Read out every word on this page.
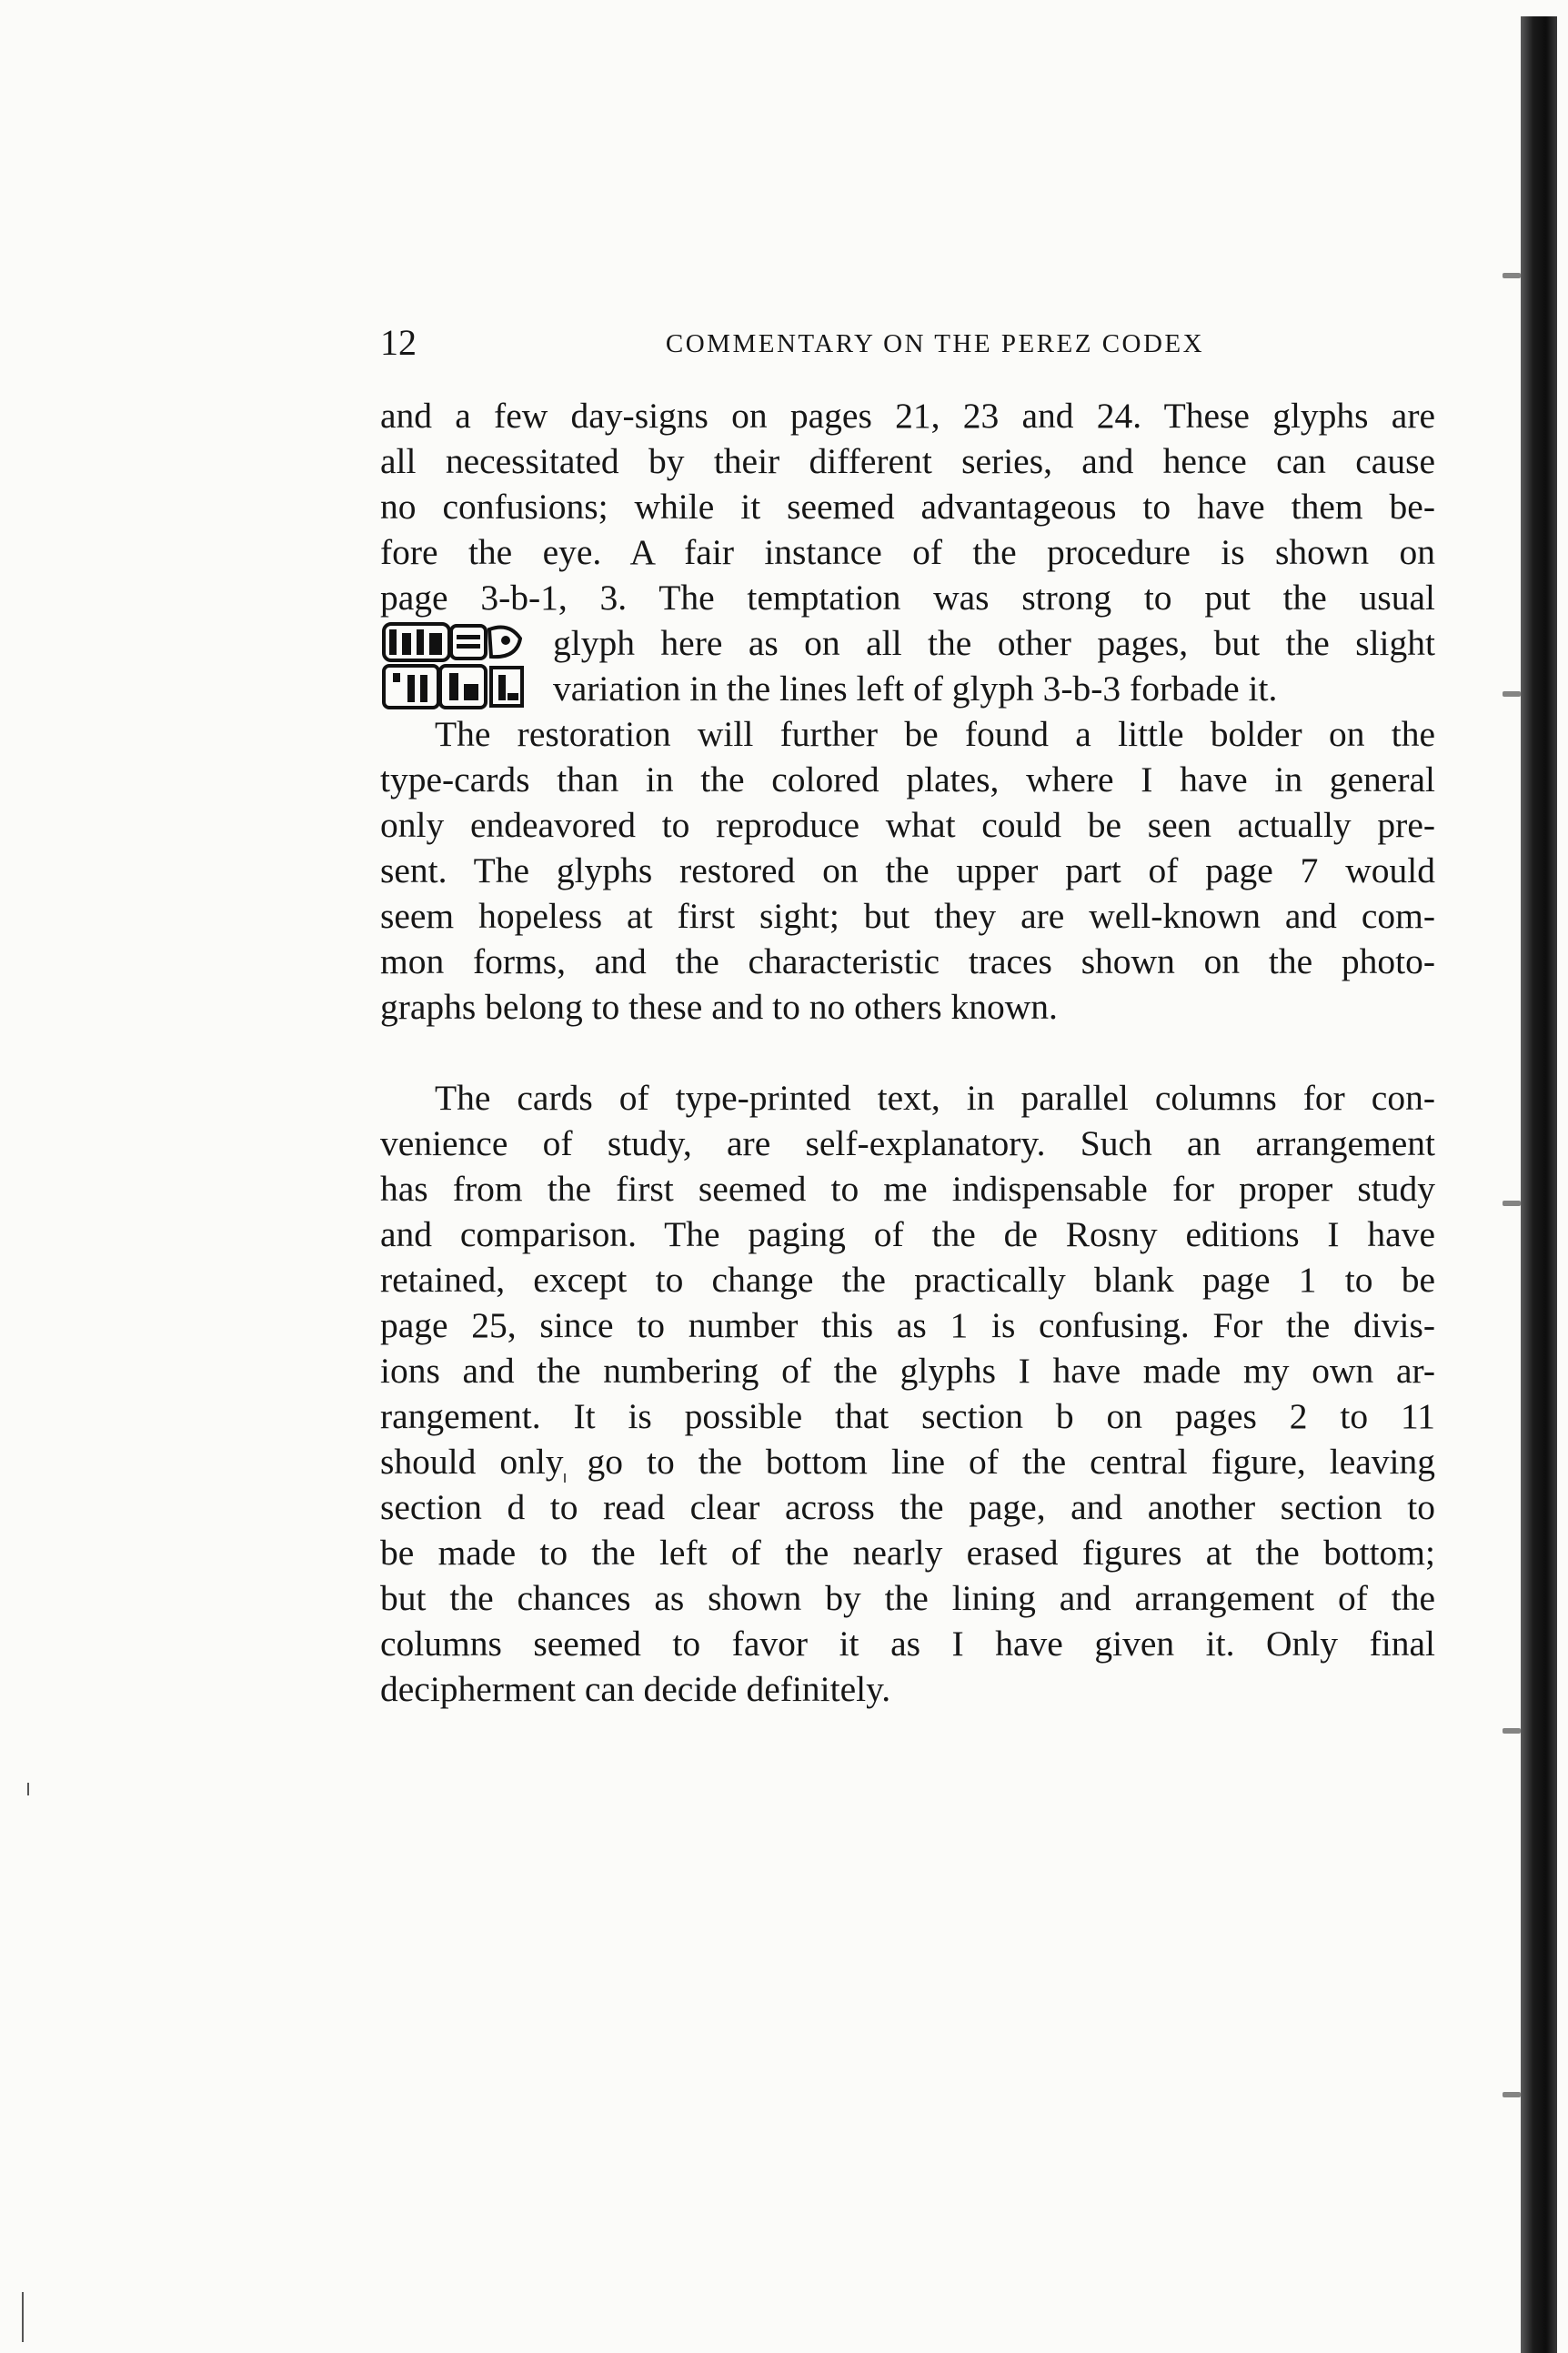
12	COMMENTARY ON THE PEREZ CODEX
and a few day-signs on pages 21, 23 and 24. These glyphs are
all necessitated by their different series, and hence can cause
no confusions; while it seemed advantageous to have them be-
fore the eye. A fair instance of the procedure is shown on
page 3-b-1, 3. The temptation was strong to put the usual
glyph here as on all the other pages, but the slight
variation in the lines left of glyph 3-b-3 forbade it.
The restoration will further be found a little bolder on the
type-cards than in the colored plates, where I have in general
only endeavored to reproduce what could be seen actually pre-
sent. The glyphs restored on the upper part of page 7 would
seem hopeless at first sight; but they are well-known and com-
mon forms, and the characteristic traces shown on the photo-
graphs belong to these and to no others known.
The cards of type-printed text, in parallel columns for con-
venience of study, are self-explanatory. Such an arrangement
has from the first seemed to me indispensable for proper study
and comparison. The paging of the de Rosny editions I have
retained, except to change the practically blank page 1 to be
page 25, since to number this as 1 is confusing. For the divis-
ions and the numbering of the glyphs I have made my own ar-
rangement. It is possible that section b on pages 2 to 11
should only go to the bottom line of the central figure, leaving
section d to read clear across the page, and another section to
be made to the left of the nearly erased figures at the bottom;
but the chances as shown by the lining and arrangement of the
columns seemed to favor it as I have given it. Only final
decipherment can decide definitely.
